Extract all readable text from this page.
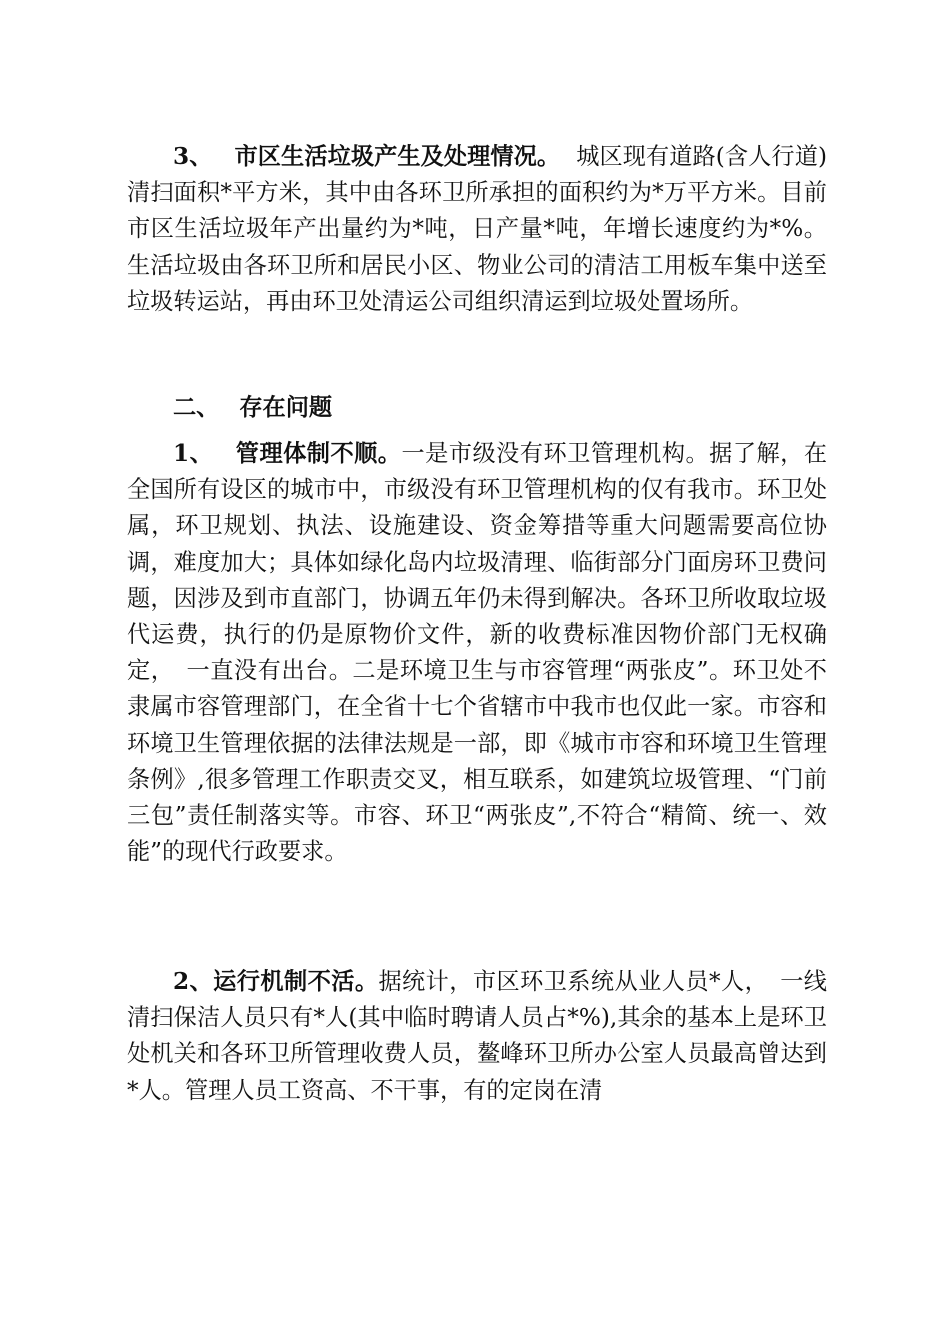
3、 市区生活垃圾产生及处理情况。 城区现有道路(含人行道)清扫面积*平方米，其中由各环卫所承担的面积约为*万平方米。目前市区生活垃圾年产出量约为*吨，日产量*吨，年增长速度约为*%。生活垃圾由各环卫所和居民小区、物业公司的清洁工用板车集中送至垃圾转运站，再由环卫处清运公司组织清运到垃圾处置场所。

二、 存在问题

1、 管理体制不顺。一是市级没有环卫管理机构。据了解，在全国所有设区的城市中，市级没有环卫管理机构的仅有我市。环卫处属，环卫规划、执法、设施建设、资金筹措等重大问题需要高位协调，难度加大；具体如绿化岛内垃圾清理、临街部分门面房环卫费问题，因涉及到市直部门，协调五年仍未得到解决。各环卫所收取垃圾代运费，执行的仍是原物价文件，新的收费标准因物价部门无权确定，　一直没有出台。二是环境卫生与市容管理“两张皮”。环卫处不隶属市容管理部门，在全省十七个省辖市中我市也仅此一家。市容和环境卫生管理依据的法律法规是一部，即《城市市容和环境卫生管理条例》,很多管理工作职责交叉，相互联系，如建筑垃圾管理、“门前三包”责任制落实等。市容、环卫“两张皮”,不符合“精简、统一、效能”的现代行政要求。

2、运行机制不活。据统计，市区环卫系统从业人员*人，　一线清扫保洁人员只有*人(其中临时聘请人员占*%),其余的基本上是环卫处机关和各环卫所管理收费人员，鳌峰环卫所办公室人员最高曾达到*人。管理人员工资高、不干事，有的定岗在清
